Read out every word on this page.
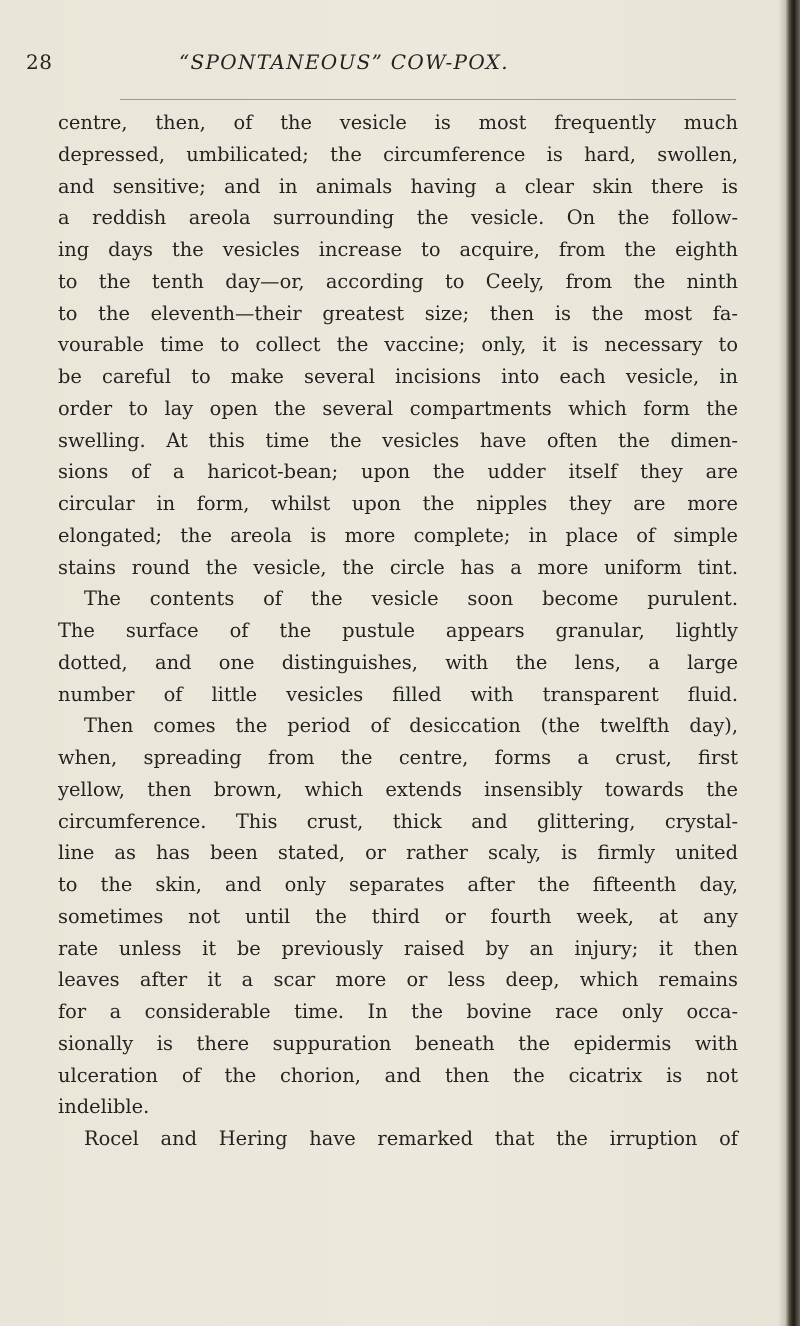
28	“SPONTANEOUS” COW-POX.
centre, then, of the vesicle is most frequently much
depressed, umbilicated; the circumference is hard, swollen,
and sensitive; and in animals having a clear skin there is
a reddish areola surrounding the vesicle. On the follow-
ing days the vesicles increase to acquire, from the eighth
to the tenth day—or, according to Ceely, from the ninth
to the eleventh—their greatest size; then is the most fa-
vourable time to collect the vaccine; only, it is necessary to
be careful to make several incisions into each vesicle, in
order to lay open the several compartments which form the
swelling. At this time the vesicles have often the dimen-
sions of a haricot-bean; upon the udder itself they are
circular in form, whilst upon the nipples they are more
elongated; the areola is more complete; in place of simple
stains round the vesicle, the circle has a more uniform tint.
The contents of the vesicle soon become purulent.
The surface of the pustule appears granular, lightly
dotted, and one distinguishes, with the lens, a large
number of little vesicles filled with transparent fluid.
Then comes the period of desiccation (the twelfth day),
when, spreading from the centre, forms a crust, first
yellow, then brown, which extends insensibly towards the
circumference. This crust, thick and glittering, crystal-
line as has been stated, or rather scaly, is firmly united
to the skin, and only separates after the fifteenth day,
sometimes not until the third or fourth week, at any
rate unless it be previously raised by an injury; it then
leaves after it a scar more or less deep, which remains
for a considerable time. In the bovine race only occa-
sionally is there suppuration beneath the epidermis with
ulceration of the chorion, and then the cicatrix is not
indelible.
Rocel and Hering have remarked that the irruption of
